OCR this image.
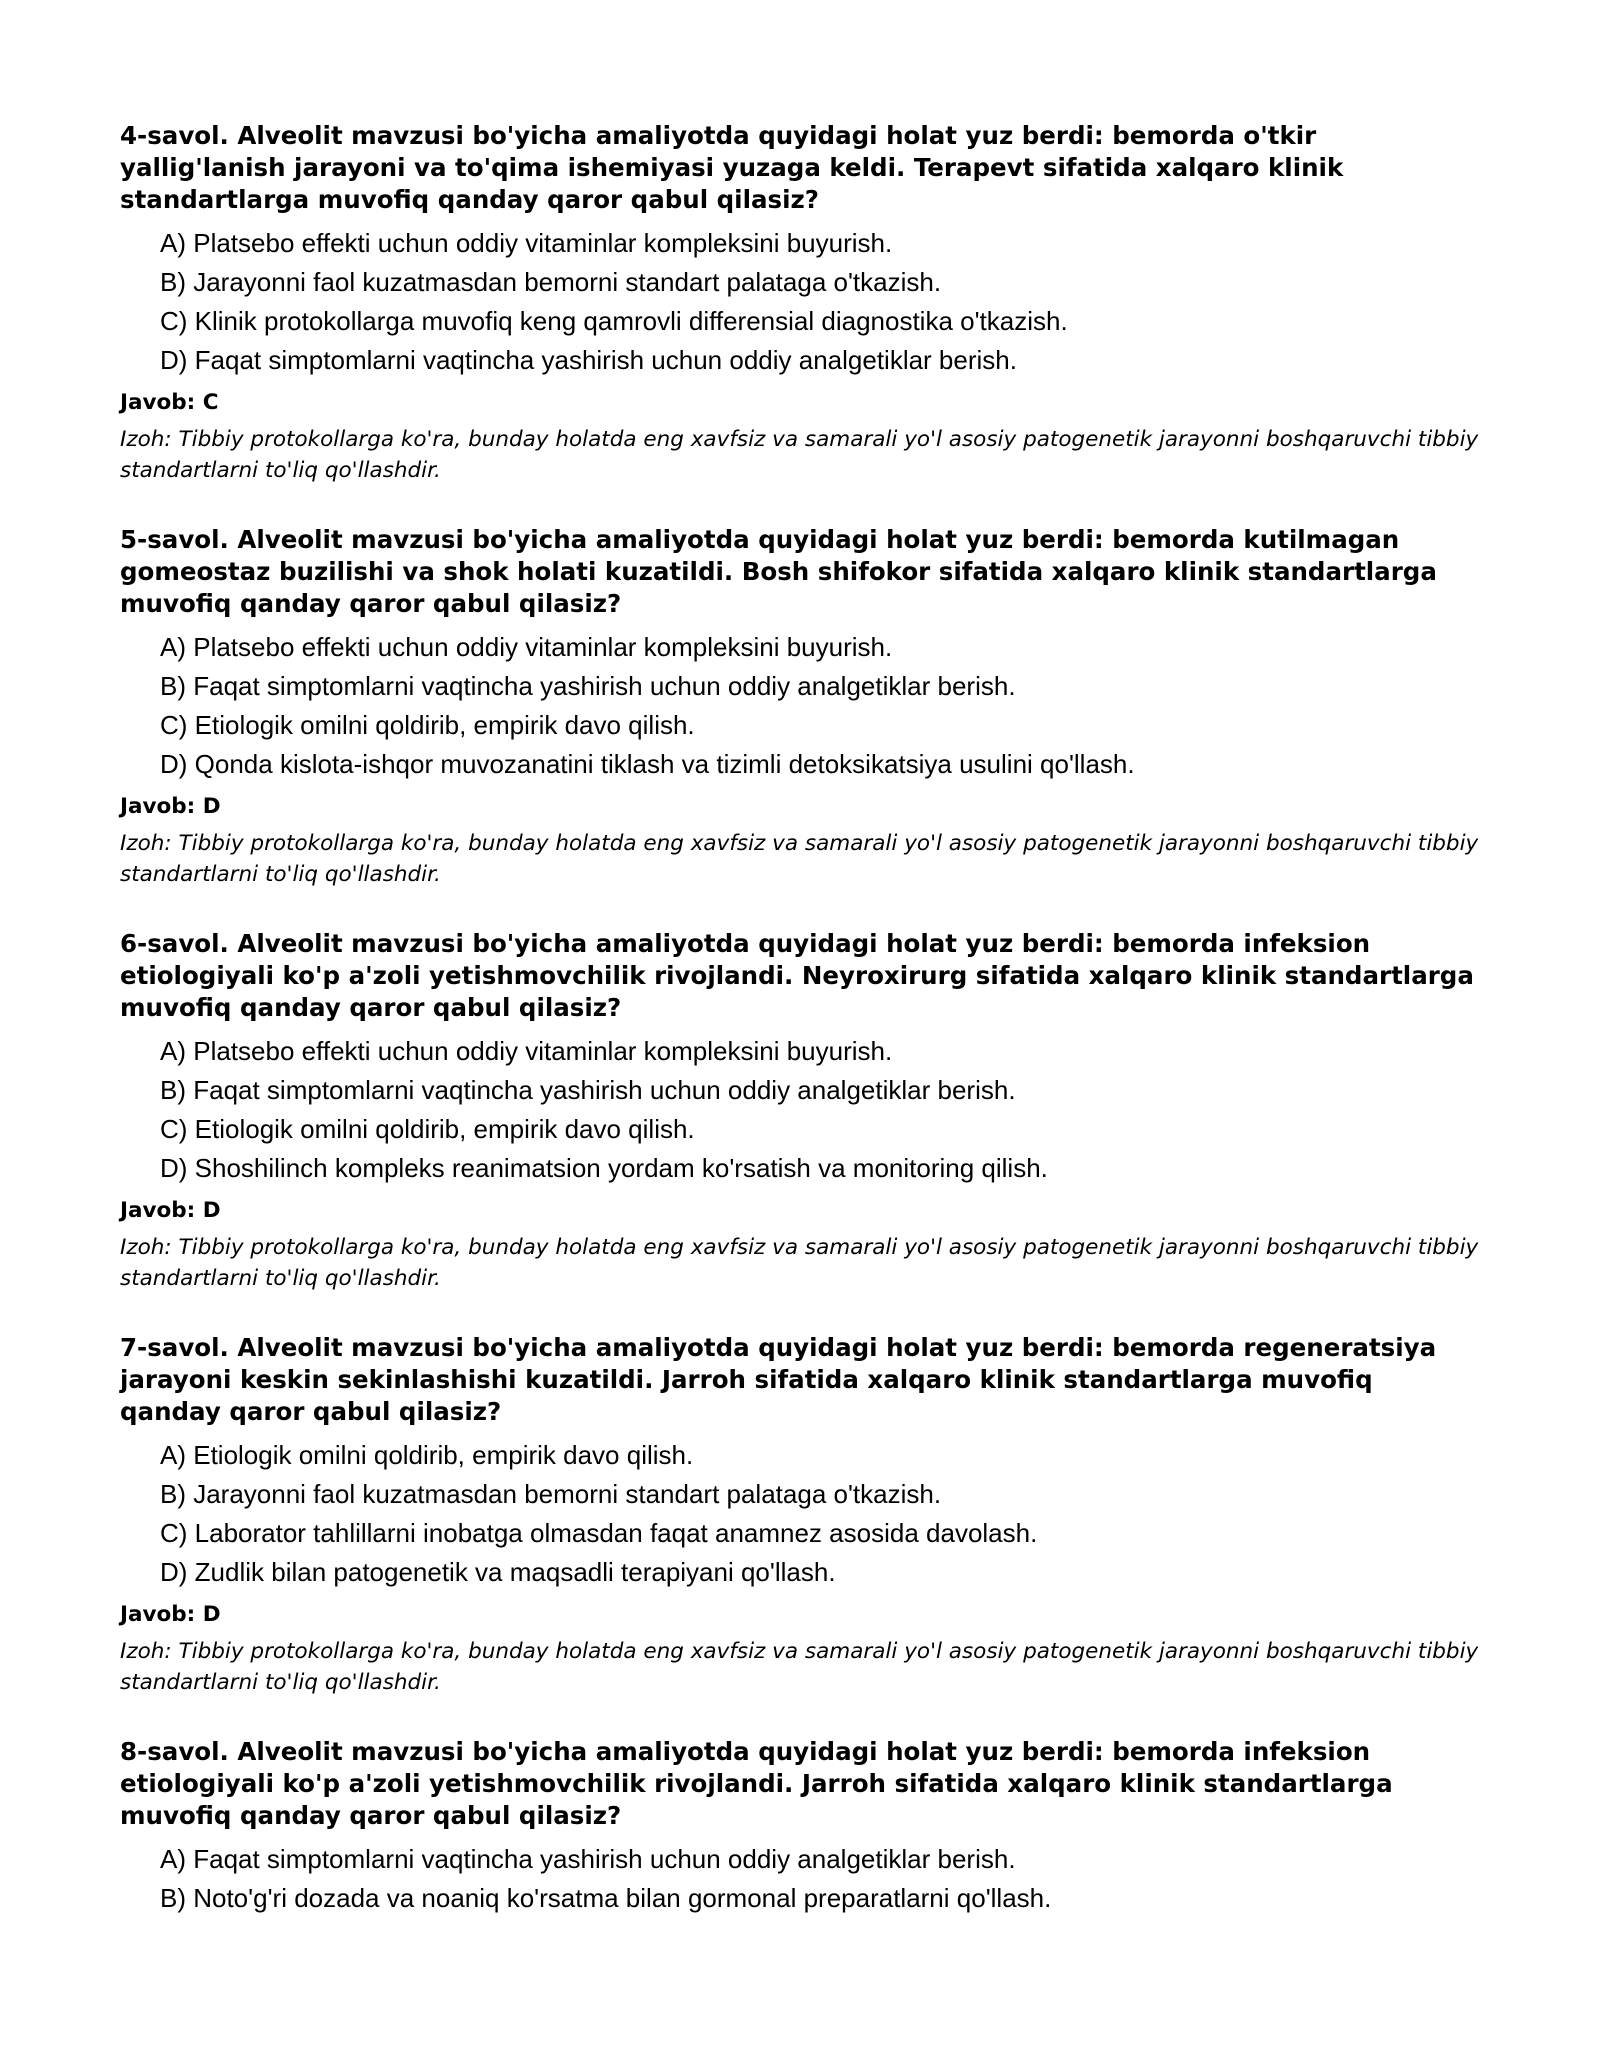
4-savol. Alveolit mavzusi bo'yicha amaliyotda quyidagi holat yuz berdi: bemorda o'tkir yallig'lanish jarayoni va to'qima ishemiyasi yuzaga keldi. Terapevt sifatida xalqaro klinik standartlarga muvofiq qanday qaror qabul qilasiz?

A) Platsebo effekti uchun oddiy vitaminlar kompleksini buyurish.
B) Jarayonni faol kuzatmasdan bemorni standart palataga o'tkazish.
C) Klinik protokollarga muvofiq keng qamrovli differensial diagnostika o'tkazish.
D) Faqat simptomlarni vaqtincha yashirish uchun oddiy analgetiklar berish.

Javob: C

Izoh: Tibbiy protokollarga ko'ra, bunday holatda eng xavfsiz va samarali yo'l asosiy patogenetik jarayonni boshqaruvchi tibbiy standartlarni to'liq qo'llashdir.

5-savol. Alveolit mavzusi bo'yicha amaliyotda quyidagi holat yuz berdi: bemorda kutilmagan gomeostaz buzilishi va shok holati kuzatildi. Bosh shifokor sifatida xalqaro klinik standartlarga muvofiq qanday qaror qabul qilasiz?

A) Platsebo effekti uchun oddiy vitaminlar kompleksini buyurish.
B) Faqat simptomlarni vaqtincha yashirish uchun oddiy analgetiklar berish.
C) Etiologik omilni qoldirib, empirik davo qilish.
D) Qonda kislota-ishqor muvozanatini tiklash va tizimli detoksikatsiya usulini qo'llash.

Javob: D

Izoh: Tibbiy protokollarga ko'ra, bunday holatda eng xavfsiz va samarali yo'l asosiy patogenetik jarayonni boshqaruvchi tibbiy standartlarni to'liq qo'llashdir.

6-savol. Alveolit mavzusi bo'yicha amaliyotda quyidagi holat yuz berdi: bemorda infeksion etiologiyali ko'p a'zoli yetishmovchilik rivojlandi. Neyroxirurg sifatida xalqaro klinik standartlarga muvofiq qanday qaror qabul qilasiz?

A) Platsebo effekti uchun oddiy vitaminlar kompleksini buyurish.
B) Faqat simptomlarni vaqtincha yashirish uchun oddiy analgetiklar berish.
C) Etiologik omilni qoldirib, empirik davo qilish.
D) Shoshilinch kompleks reanimatsion yordam ko'rsatish va monitoring qilish.

Javob: D

Izoh: Tibbiy protokollarga ko'ra, bunday holatda eng xavfsiz va samarali yo'l asosiy patogenetik jarayonni boshqaruvchi tibbiy standartlarni to'liq qo'llashdir.

7-savol. Alveolit mavzusi bo'yicha amaliyotda quyidagi holat yuz berdi: bemorda regeneratsiya jarayoni keskin sekinlashishi kuzatildi. Jarroh sifatida xalqaro klinik standartlarga muvofiq qanday qaror qabul qilasiz?

A) Etiologik omilni qoldirib, empirik davo qilish.
B) Jarayonni faol kuzatmasdan bemorni standart palataga o'tkazish.
C) Laborator tahlillarni inobatga olmasdan faqat anamnez asosida davolash.
D) Zudlik bilan patogenetik va maqsadli terapiyani qo'llash.

Javob: D

Izoh: Tibbiy protokollarga ko'ra, bunday holatda eng xavfsiz va samarali yo'l asosiy patogenetik jarayonni boshqaruvchi tibbiy standartlarni to'liq qo'llashdir.

8-savol. Alveolit mavzusi bo'yicha amaliyotda quyidagi holat yuz berdi: bemorda infeksion etiologiyali ko'p a'zoli yetishmovchilik rivojlandi. Jarroh sifatida xalqaro klinik standartlarga muvofiq qanday qaror qabul qilasiz?

A) Faqat simptomlarni vaqtincha yashirish uchun oddiy analgetiklar berish.
B) Noto'g'ri dozada va noaniq ko'rsatma bilan gormonal preparatlarni qo'llash.
